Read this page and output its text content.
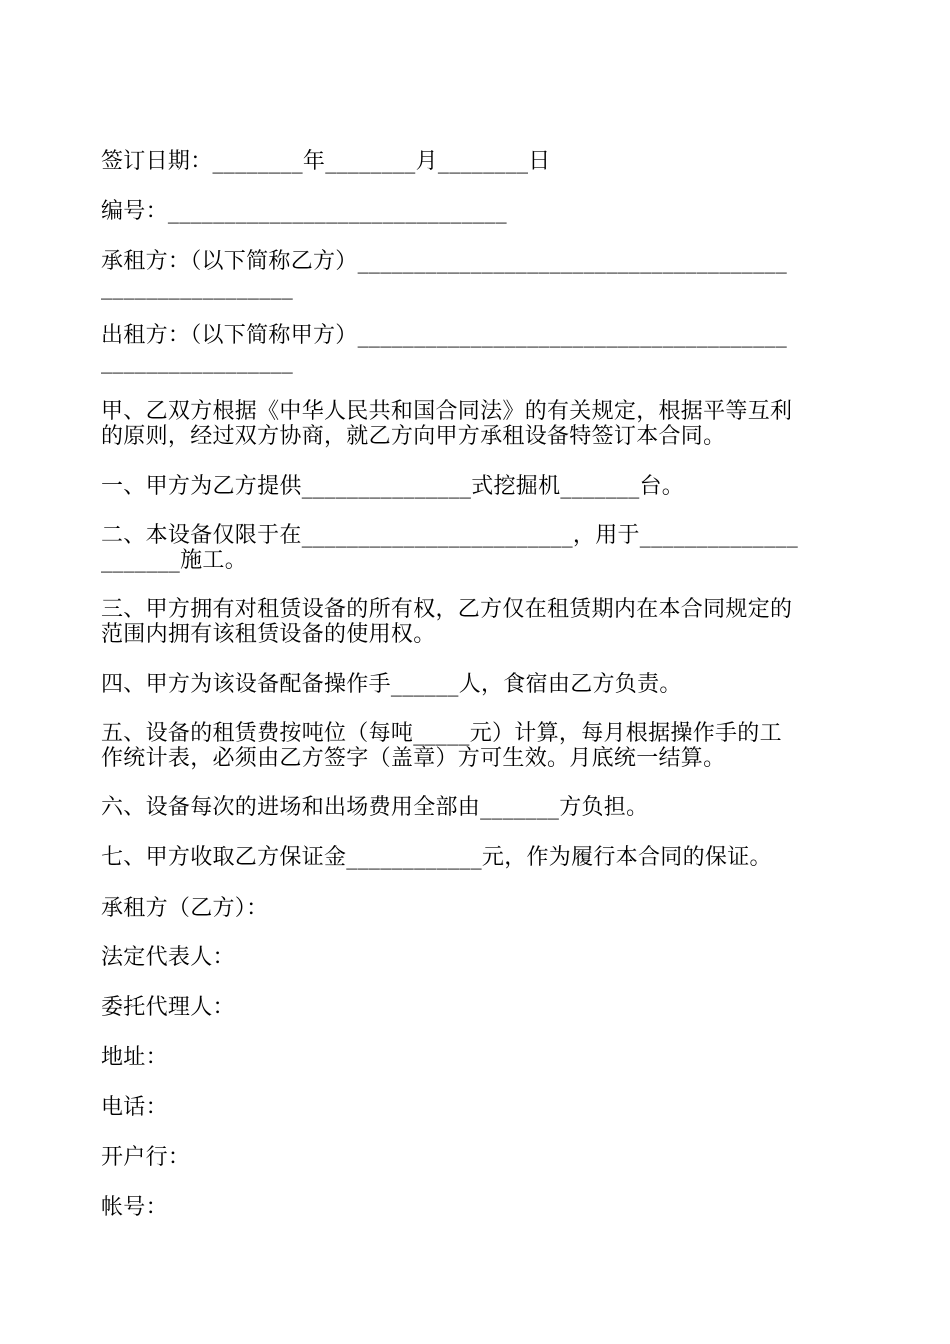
签订日期：________年________月________日
编号：______________________________
承租方：（以下简称乙方）______________________________________
_________________
出租方：（以下简称甲方）______________________________________
_________________
甲、乙双方根据《中华人民共和国合同法》的有关规定，根据平等互利
的原则，经过双方协商，就乙方向甲方承租设备特签订本合同。
一、甲方为乙方提供_______________式挖掘机_______台。
二、本设备仅限于在________________________，用于______________
_______施工。
三、甲方拥有对租赁设备的所有权，乙方仅在租赁期内在本合同规定的
范围内拥有该租赁设备的使用权。
四、甲方为该设备配备操作手______人，食宿由乙方负责。
五、设备的租赁费按吨位（每吨_____元）计算，每月根据操作手的工
作统计表，必须由乙方签字（盖章）方可生效。月底统一结算。
六、设备每次的进场和出场费用全部由_______方负担。
七、甲方收取乙方保证金____________元，作为履行本合同的保证。
承租方（乙方）：
法定代表人：
委托代理人：
地址：
电话：
开户行：
帐号：
